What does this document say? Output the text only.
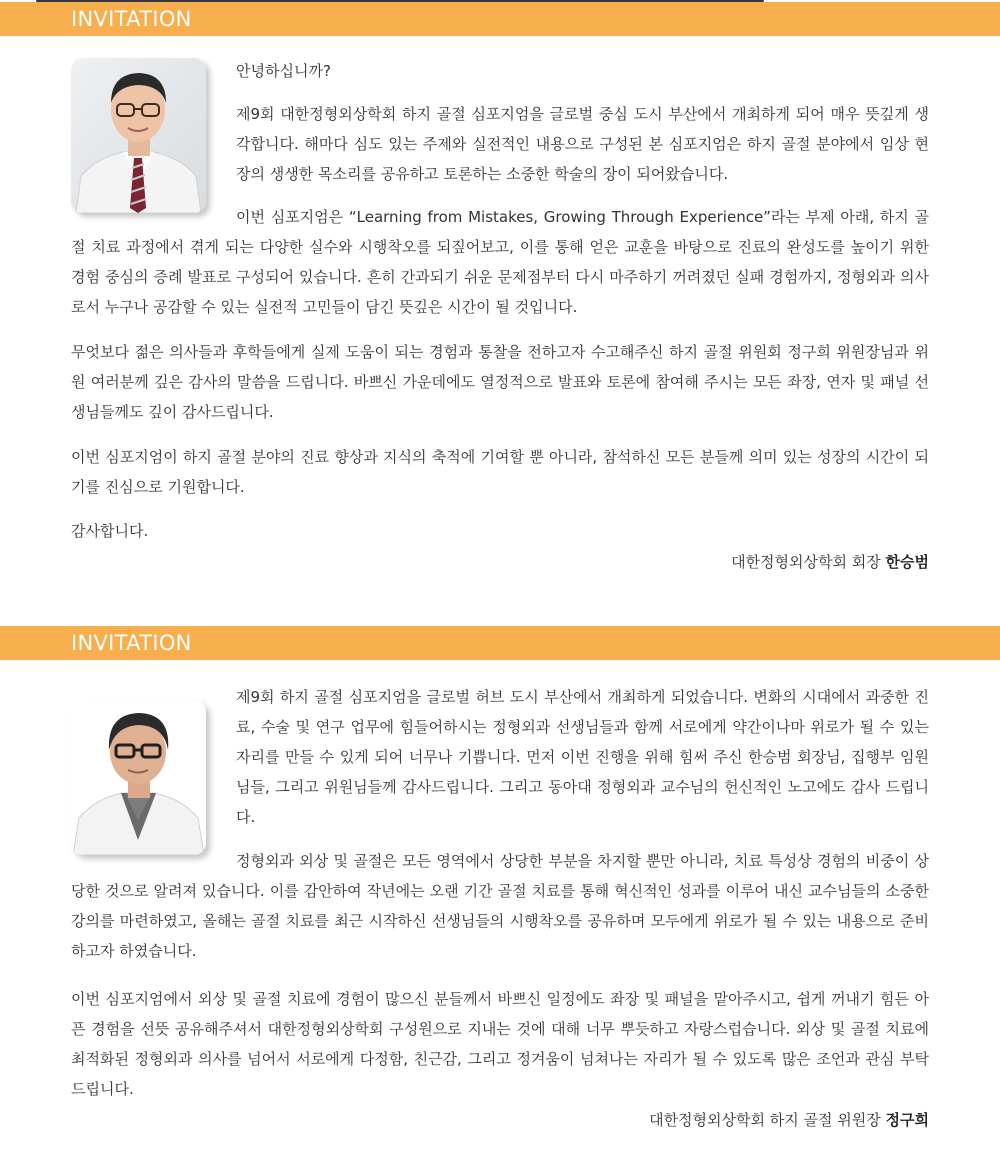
INVITATION

안녕하십니까?

제9회 대한정형외상학회 하지 골절 심포지엄을 글로벌 중심 도시 부산에서 개최하게 되어 매우 뜻깊게 생각합니다. 해마다 심도 있는 주제와 실전적인 내용으로 구성된 본 심포지엄은 하지 골절 분야에서 임상 현장의 생생한 목소리를 공유하고 토론하는 소중한 학술의 장이 되어왔습니다.

이번 심포지엄은 “Learning from Mistakes, Growing Through Experience”라는 부제 아래, 하지 골절 치료 과정에서 겪게 되는 다양한 실수와 시행착오를 되짚어보고, 이를 통해 얻은 교훈을 바탕으로 진료의 완성도를 높이기 위한 경험 중심의 증례 발표로 구성되어 있습니다. 흔히 간과되기 쉬운 문제점부터 다시 마주하기 꺼려졌던 실패 경험까지, 정형외과 의사로서 누구나 공감할 수 있는 실전적 고민들이 담긴 뜻깊은 시간이 될 것입니다.

무엇보다 젊은 의사들과 후학들에게 실제 도움이 되는 경험과 통찰을 전하고자 수고해주신 하지 골절 위원회 정구희 위원장님과 위원 여러분께 깊은 감사의 말씀을 드립니다. 바쁘신 가운데에도 열정적으로 발표와 토론에 참여해 주시는 모든 좌장, 연자 및 패널 선생님들께도 깊이 감사드립니다.

이번 심포지엄이 하지 골절 분야의 진료 향상과 지식의 축적에 기여할 뿐 아니라, 참석하신 모든 분들께 의미 있는 성장의 시간이 되기를 진심으로 기원합니다.

감사합니다.

대한정형외상학회 회장 한승범
INVITATION

제9회 하지 골절 심포지엄을 글로벌 허브 도시 부산에서 개최하게 되었습니다. 변화의 시대에서 과중한 진료, 수술 및 연구 업무에 힘들어하시는 정형외과 선생님들과 함께 서로에게 약간이나마 위로가 될 수 있는 자리를 만들 수 있게 되어 너무나 기쁩니다. 먼저 이번 진행을 위해 힘써 주신 한승범 회장님, 집행부 임원님들, 그리고 위원님들께 감사드립니다. 그리고 동아대 정형외과 교수님의 헌신적인 노고에도 감사 드립니다.

정형외과 외상 및 골절은 모든 영역에서 상당한 부분을 차지할 뿐만 아니라, 치료 특성상 경험의 비중이 상당한 것으로 알려져 있습니다. 이를 감안하여 작년에는 오랜 기간 골절 치료를 통해 혁신적인 성과를 이루어 내신 교수님들의 소중한 강의를 마련하였고, 올해는 골절 치료를 최근 시작하신 선생님들의 시행착오를 공유하며 모두에게 위로가 될 수 있는 내용으로 준비하고자 하였습니다.

이번 심포지엄에서 외상 및 골절 치료에 경험이 많으신 분들께서 바쁘신 일정에도 좌장 및 패널을 맡아주시고, 쉽게 꺼내기 힘든 아픈 경험을 선뜻 공유해주셔서 대한정형외상학회 구성원으로 지내는 것에 대해 너무 뿌듯하고 자랑스럽습니다. 외상 및 골절 치료에 최적화된 정형외과 의사를 넘어서 서로에게 다정함, 친근감, 그리고 정겨움이 넘쳐나는 자리가 될 수 있도록 많은 조언과 관심 부탁드립니다.

대한정형외상학회 하지 골절 위원장 정구희
